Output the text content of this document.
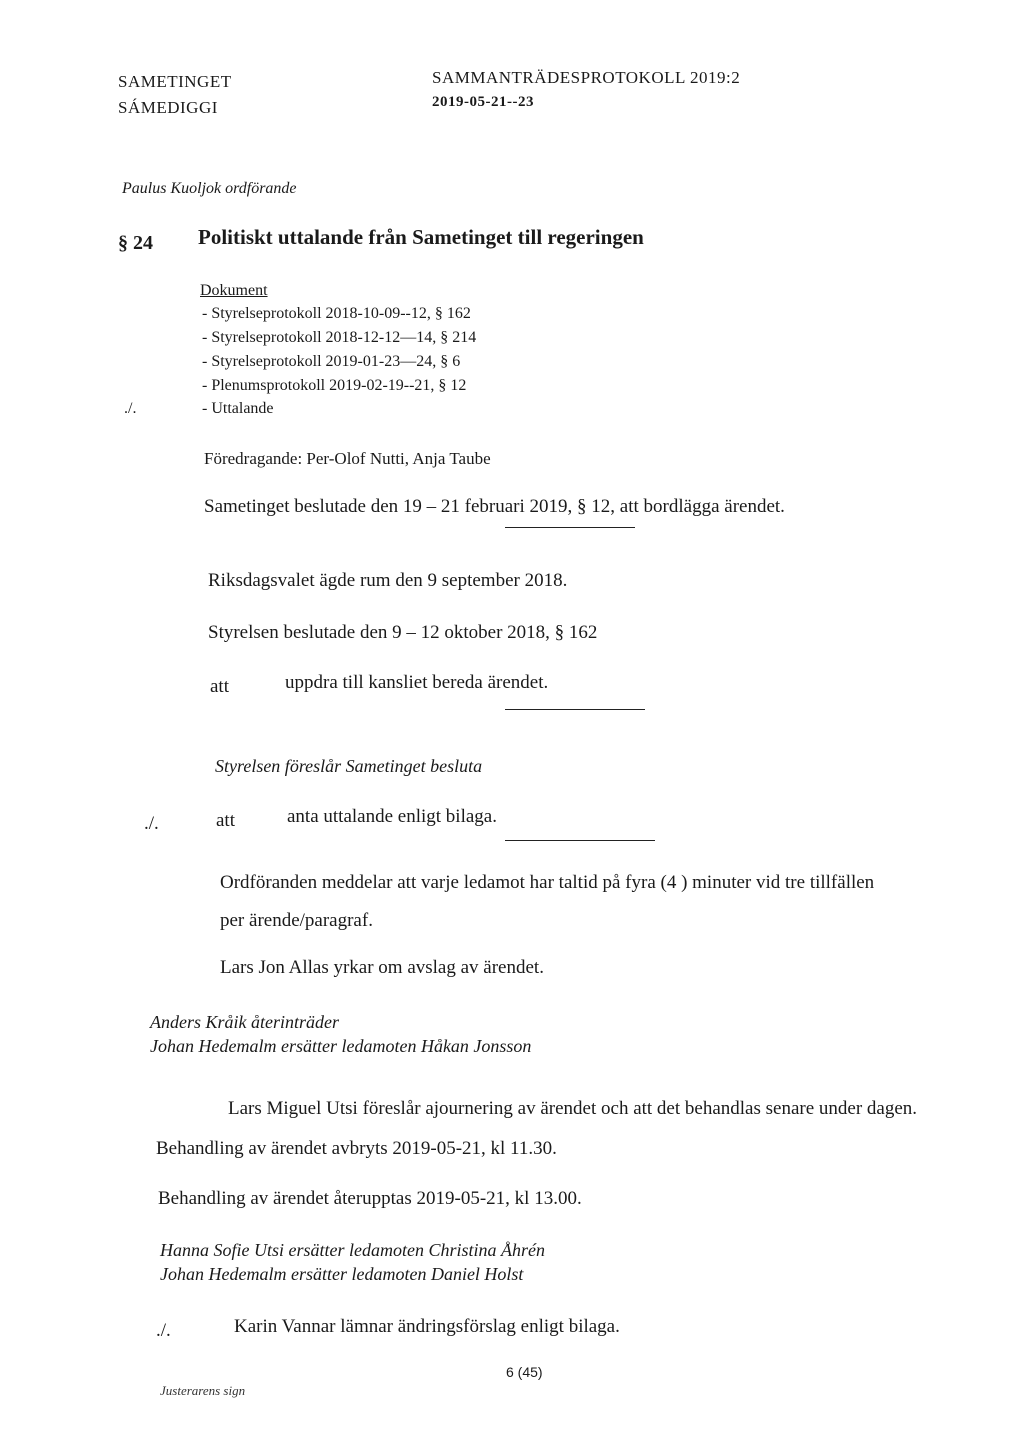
SAMETINGET
SÁMEDIGGI
SAMMANTRÄDESPROTOKOLL 2019:2
2019-05-21--23
Paulus Kuoljok ordförande
§ 24 Politiskt uttalande från Sametinget till regeringen
Dokument
- Styrelseprotokoll 2018-10-09--12, § 162
- Styrelseprotokoll 2018-12-12—14, § 214
- Styrelseprotokoll 2019-01-23—24, § 6
- Plenumsprotokoll 2019-02-19--21, § 12
./.	- Uttalande
Föredragande: Per-Olof Nutti, Anja Taube
Sametinget beslutade den 19 – 21 februari 2019, § 12, att bordlägga ärendet.
Riksdagsvalet ägde rum den 9 september 2018.
Styrelsen beslutade den 9 – 12 oktober 2018, § 162
att	uppdra till kansliet bereda ärendet.
Styrelsen föreslår Sametinget besluta
./.	att	anta uttalande enligt bilaga.
Ordföranden meddelar att varje ledamot har taltid på fyra (4 ) minuter vid tre tillfällen
per ärende/paragraf.
Lars Jon Allas yrkar om avslag av ärendet.
Anders Kråik återinträder
Johan Hedemalm ersätter ledamoten Håkan Jonsson
Lars Miguel Utsi föreslår ajournering av ärendet och att det behandlas senare under dagen.
Behandling av ärendet avbryts 2019-05-21, kl 11.30.
Behandling av ärendet återupptas 2019-05-21, kl 13.00.
Hanna Sofie Utsi ersätter ledamoten Christina Åhrén
Johan Hedemalm ersätter ledamoten Daniel Holst
./.	Karin Vannar lämnar ändringsförslag enligt bilaga.
Justerarens sign
6 (45)
